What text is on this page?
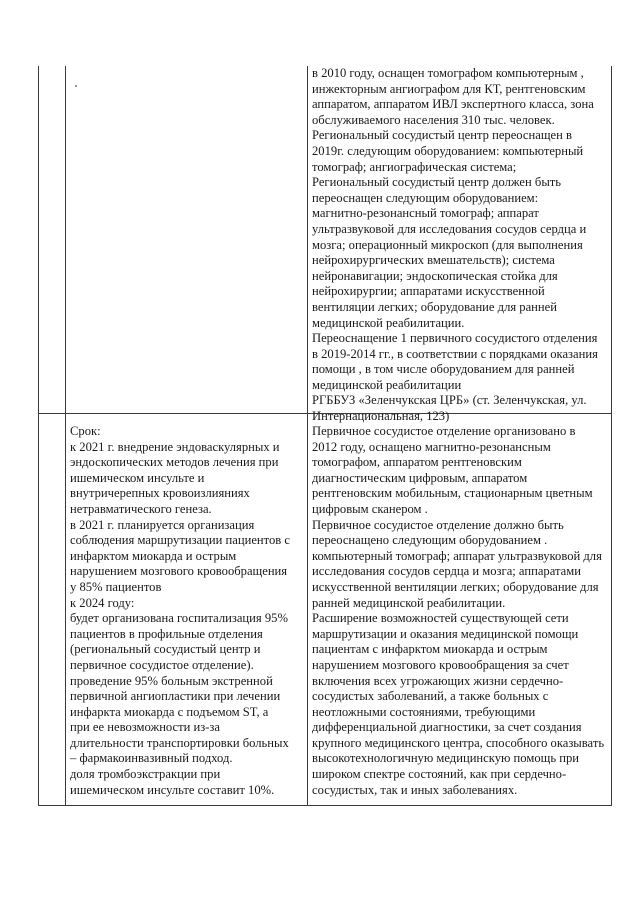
в 2010 году, оснащен томографом компьютерным ,
инжекторным ангиографом для КТ, рентгеновским
аппаратом, аппаратом ИВЛ экспертного класса, зона
обслуживаемого населения 310 тыс. человек.
Региональный сосудистый центр переоснащен в
2019г. следующим оборудованием: компьютерный
томограф; ангиографическая система;
Региональный сосудистый центр должен быть
переоснащен следующим оборудованием:
магнитно-резонансный томограф; аппарат
ультразвуковой для исследования сосудов сердца и
мозга; операционный микроскоп (для выполнения
нейрохирургических вмешательств); система
нейронавигации; эндоскопическая стойка для
нейрохирургии; аппаратами искусственной
вентиляции легких; оборудование для ранней
медицинской реабилитации.
Переоснащение 1 первичного сосудистого отделения
в 2019-2014 гг., в соответствии с порядками оказания
помощи , в том числе оборудованием для ранней
медицинской реабилитации
РГББУЗ «Зеленчукская ЦРБ» (ст. Зеленчукская, ул.
Интернациональная, 123)
Срок:
к 2021 г. внедрение эндоваскулярных и
эндоскопических методов лечения при
ишемическом инсульте и
внутричерепных кровоизлияниях
нетравматического генеза.
в 2021 г. планируется организация
соблюдения маршрутизации пациентов с
инфарктом миокарда и острым
нарушением мозгового кровообращения
у 85% пациентов
к 2024 году:
будет организована госпитализация 95%
пациентов в профильные отделения
(региональный сосудистый центр и
первичное сосудистое отделение).
проведение 95% больным экстренной
первичной ангиопластики при лечении
инфаркта миокарда с подъемом ST, а
при ее невозможности из-за
длительности транспортировки больных
– фармакоинвазивный подход.
доля тромбоэкстракции при
ишемическом инсульте составит 10%.
Первичное сосудистое отделение организовано в
2012 году, оснащено магнитно-резонансным
томографом, аппаратом рентгеновским
диагностическим цифровым, аппаратом
рентгеновским мобильным, стационарным цветным
цифровым сканером .
Первичное сосудистое отделение должно быть
переоснащено следующим оборудованием .
компьютерный томограф; аппарат ультразвуковой для
исследования сосудов сердца и мозга; аппаратами
искусственной вентиляции легких; оборудование для
ранней медицинской реабилитации.
Расширение возможностей существующей сети
маршрутизации и оказания медицинской помощи
пациентам с инфарктом миокарда и острым
нарушением мозгового кровообращения за счет
включения всех угрожающих жизни сердечно-
сосудистых заболеваний, а также больных с
неотложными состояниями, требующими
дифференциальной диагностики, за счет создания
крупного медицинского центра, способного оказывать
высокотехнологичную медицинскую помощь при
широком спектре состояний, как при сердечно-
сосудистых, так и иных заболеваниях.
